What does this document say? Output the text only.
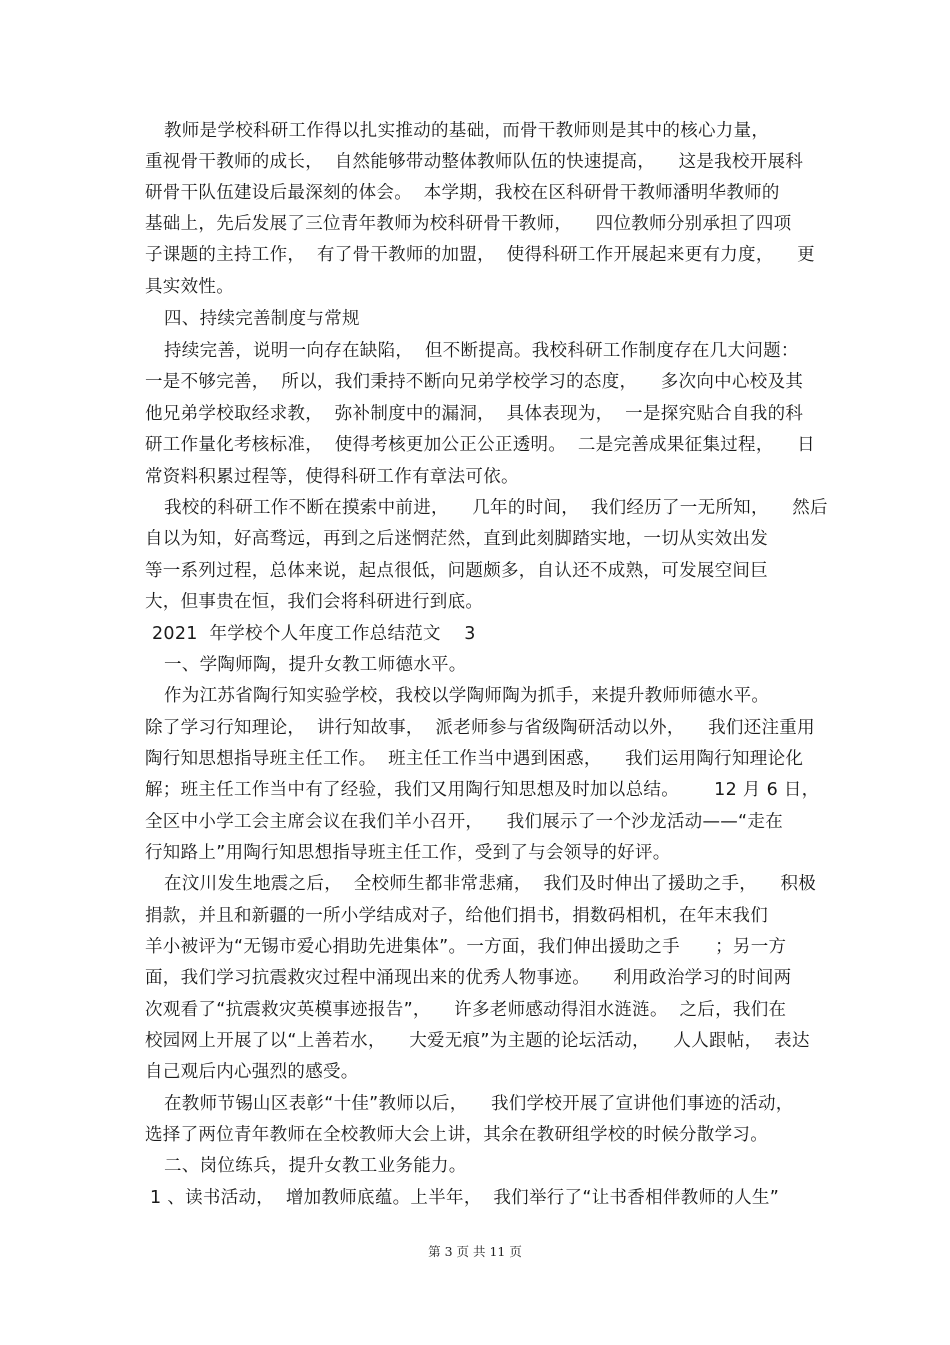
教师是学校科研工作得以扎实推动的基础，而骨干教师则是其中的核心力量，
重视骨干教师的成长，  自然能够带动整体教师队伍的快速提高，    这是我校开展科
研骨干队伍建设后最深刻的体会。  本学期，我校在区科研骨干教师潘明华教师的
基础上，先后发展了三位青年教师为校科研骨干教师，    四位教师分别承担了四项
子课题的主持工作，  有了骨干教师的加盟，  使得科研工作开展起来更有力度，    更
具实效性。
四、持续完善制度与常规
持续完善，说明一向存在缺陷，  但不断提高。我校科研工作制度存在几大问题：
一是不够完善，  所以，我们秉持不断向兄弟学校学习的态度，    多次向中心校及其
他兄弟学校取经求教，  弥补制度中的漏洞，  具体表现为，  一是探究贴合自我的科
研工作量化考核标准，  使得考核更加公正公正透明。  二是完善成果征集过程，    日
常资料积累过程等，使得科研工作有章法可依。
我校的科研工作不断在摸索中前进，    几年的时间，  我们经历了一无所知，    然后
自以为知，好高骛远，再到之后迷惘茫然，直到此刻脚踏实地，一切从实效出发
等一系列过程，总体来说，起点很低，问题颇多，自认还不成熟，可发展空间巨
大，但事贵在恒，我们会将科研进行到底。
2021  年学校个人年度工作总结范文    3
一、学陶师陶，提升女教工师德水平。
作为江苏省陶行知实验学校，我校以学陶师陶为抓手，来提升教师师德水平。
除了学习行知理论，  讲行知故事，  派老师参与省级陶研活动以外，    我们还注重用
陶行知思想指导班主任工作。  班主任工作当中遇到困惑，    我们运用陶行知理论化
解；班主任工作当中有了经验，我们又用陶行知思想及时加以总结。      12 月 6 日，
全区中小学工会主席会议在我们羊小召开，    我们展示了一个沙龙活动——“走在
行知路上”用陶行知思想指导班主任工作，受到了与会领导的好评。
在汶川发生地震之后，  全校师生都非常悲痛，  我们及时伸出了援助之手，    积极
捐款，并且和新疆的一所小学结成对子，给他们捐书，捐数码相机，在年末我们
羊小被评为“无锡市爱心捐助先进集体”。一方面，我们伸出援助之手      ；另一方
面，我们学习抗震救灾过程中涌现出来的优秀人物事迹。    利用政治学习的时间两
次观看了“抗震救灾英模事迹报告”，    许多老师感动得泪水涟涟。  之后，我们在
校园网上开展了以“上善若水，    大爱无痕”为主题的论坛活动，    人人跟帖，  表达
自己观后内心强烈的感受。
在教师节锡山区表彰“十佳”教师以后，    我们学校开展了宣讲他们事迹的活动，
选择了两位青年教师在全校教师大会上讲，其余在教研组学校的时候分散学习。
二、岗位练兵，提升女教工业务能力。
1 、读书活动，  增加教师底蕴。上半年，  我们举行了“让书香相伴教师的人生”
第 3 页 共 11 页
